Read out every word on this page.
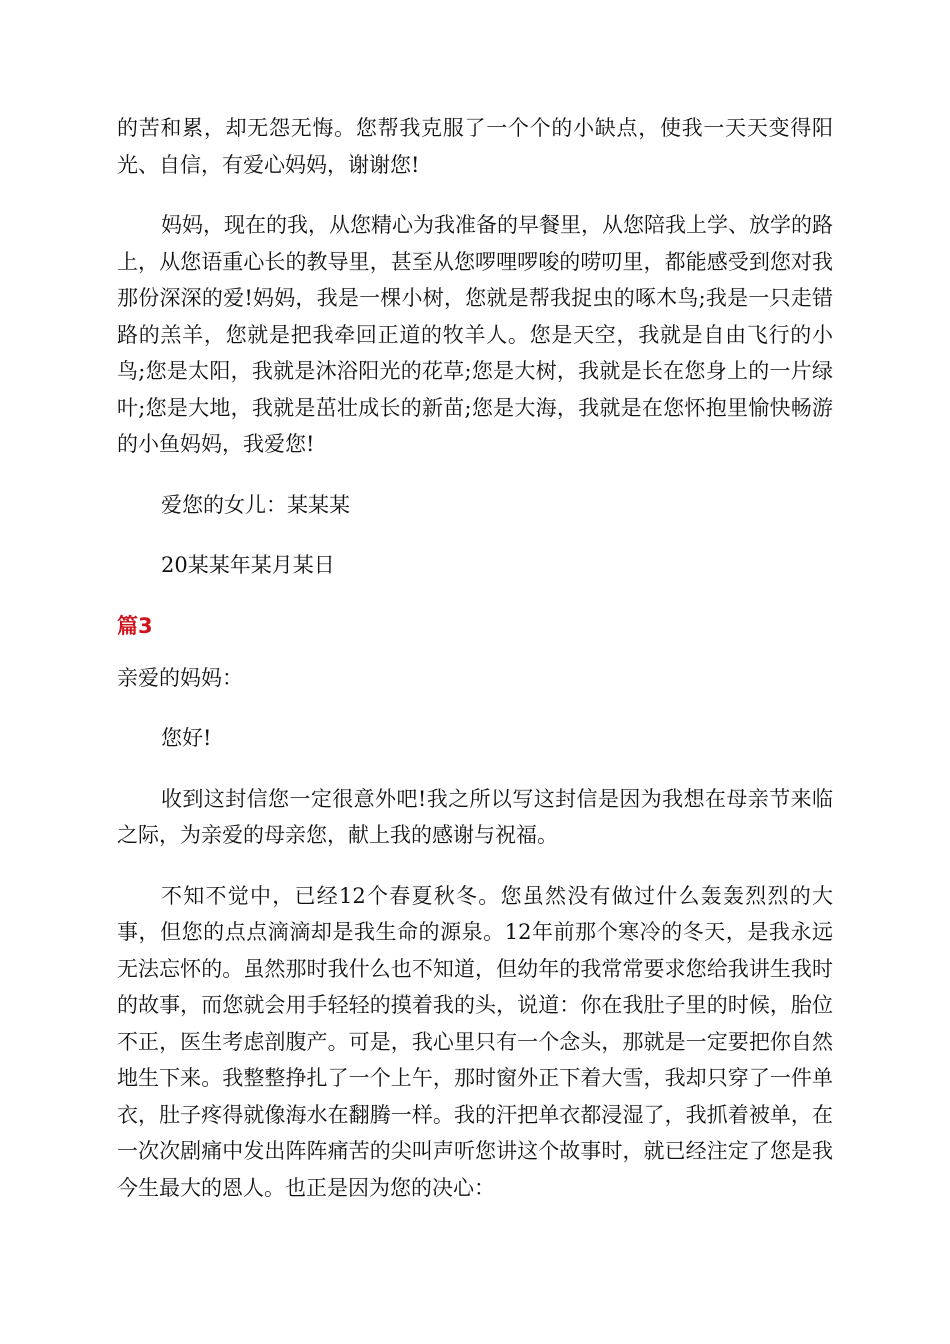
的苦和累，却无怨无悔。您帮我克服了一个个的小缺点，使我一天天变得阳光、自信，有爱心妈妈，谢谢您!

妈妈，现在的我，从您精心为我准备的早餐里，从您陪我上学、放学的路上，从您语重心长的教导里，甚至从您啰哩啰唆的唠叨里，都能感受到您对我那份深深的爱!妈妈，我是一棵小树，您就是帮我捉虫的啄木鸟;我是一只走错路的羔羊，您就是把我牵回正道的牧羊人。您是天空，我就是自由飞行的小鸟;您是太阳，我就是沐浴阳光的花草;您是大树，我就是长在您身上的一片绿叶;您是大地，我就是茁壮成长的新苗;您是大海，我就是在您怀抱里愉快畅游的小鱼妈妈，我爱您!

爱您的女儿：某某某

20某某年某月某日

篇3

亲爱的妈妈：

您好!

收到这封信您一定很意外吧!我之所以写这封信是因为我想在母亲节来临之际，为亲爱的母亲您，献上我的感谢与祝福。

不知不觉中，已经12个春夏秋冬。您虽然没有做过什么轰轰烈烈的大事，但您的点点滴滴却是我生命的源泉。12年前那个寒冷的冬天，是我永远无法忘怀的。虽然那时我什么也不知道，但幼年的我常常要求您给我讲生我时的故事，而您就会用手轻轻的摸着我的头，说道：你在我肚子里的时候，胎位不正，医生考虑剖腹产。可是，我心里只有一个念头，那就是一定要把你自然地生下来。我整整挣扎了一个上午，那时窗外正下着大雪，我却只穿了一件单衣，肚子疼得就像海水在翻腾一样。我的汗把单衣都浸湿了，我抓着被单，在一次次剧痛中发出阵阵痛苦的尖叫声听您讲这个故事时，就已经注定了您是我今生最大的恩人。也正是因为您的决心：
